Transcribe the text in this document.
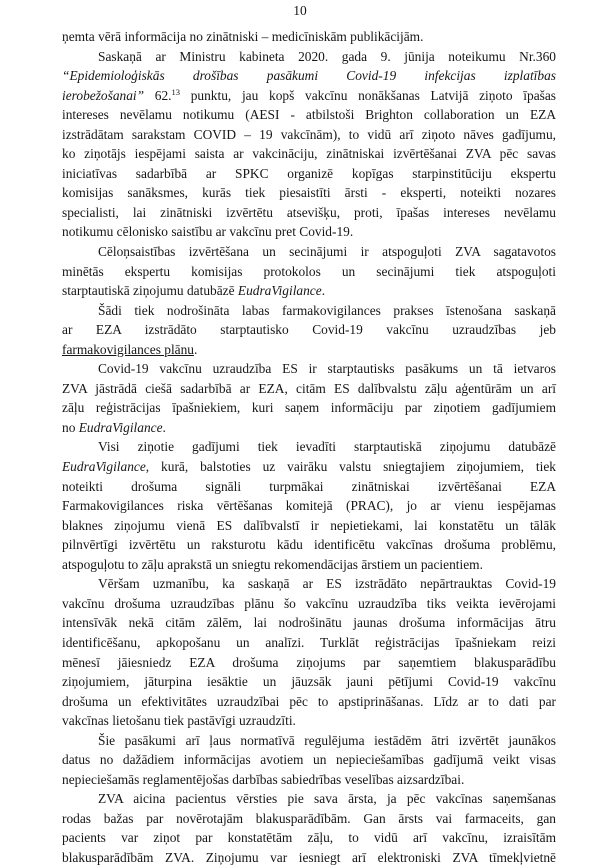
10
ņemta vērā informācija no zinātniski – medicīniskām publikācijām.
Saskaņā ar Ministru kabineta 2020. gada 9. jūnija noteikumu Nr.360
“Epidemioloģiskās drošības pasākumi Covid-19 infekcijas izplatības
ierobežošanai” 62.13 punktu, jau kopš vakcīnu nonākšanas Latvijā ziņoto īpašas
intereses nevēlamu notikumu (AESI - atbilstoši Brighton collaboration un EZA
izstrādātam sarakstam COVID – 19 vakcīnām), to vidū arī ziņoto nāves gadījumu,
ko ziņotājs iespējami saista ar vakcināciju, zinātniskai izvērtēšanai ZVA pēc savas
iniciatīvas sadarbībā ar SPKC organizē kopīgas starpinstitūciju ekspertu
komisijas sanāksmes, kurās tiek piesaistīti ārsti - eksperti, noteikti nozares
specialisti, lai zinātniski izvērtētu atsevišķu, proti, īpašas intereses nevēlamu
notikumu cēlonisko saistību ar vakcīnu pret Covid-19.
Cēloņsaistības izvērtēšana un secinājumi ir atspoguļoti ZVA sagatavotos
minētās ekspertu komisijas protokolos un secinājumi tiek atspoguļoti
starptautiskā ziņojumu datubāzē EudraVigilance.
Šādi tiek nodrošināta labas farmakovigilances prakses īstenošana saskaņā
ar EZA izstrādāto starptautisko Covid-19 vakcīnu uzraudzības jeb
farmakovigilances plānu.
Covid-19 vakcīnu uzraudzība ES ir starptautisks pasākums un tā ietvaros
ZVA jāstrādā ciešā sadarbībā ar EZA, citām ES dalībvalstu zāļu aģentūrām un arī
zāļu reģistrācijas īpašniekiem, kuri saņem informāciju par ziņotiem gadījumiem
no EudraVigilance.
Visi ziņotie gadījumi tiek ievadīti starptautiskā ziņojumu datubāzē
EudraVigilance, kurā, balstoties uz vairāku valstu sniegtajiem ziņojumiem, tiek
noteikti drošuma signāli turpmākai zinātniskai izvērtēšanai EZA
Farmakovigilances riska vērtēšanas komitejā (PRAC), jo ar vienu iespējamas
blaknes ziņojumu vienā ES dalībvalstī ir nepietiekami, lai konstatētu un tālāk
pilnvērtīgi izvērtētu un raksturotu kādu identificētu vakcīnas drošuma problēmu,
atspoguļotu to zāļu aprakstā un sniegtu rekomendācijas ārstiem un pacientiem.
Vēršam uzmanību, ka saskaņā ar ES izstrādāto nepārtrauktas Covid-19
vakcīnu drošuma uzraudzības plānu šo vakcīnu uzraudzība tiks veikta ievērojami
intensīvāk nekā citām zālēm, lai nodrošinātu jaunas drošuma informācijas ātru
identificēšanu, apkopošanu un analīzi. Turklāt reģistrācijas īpašniekam reizi
mēnesī jāiesniedz EZA drošuma ziņojums par saņemtiem blakusparādību
ziņojumiem, jāturpina iesāktie un jāuzsāk jauni pētījumi Covid-19 vakcīnu
drošuma un efektivitātes uzraudzībai pēc to apstiprināšanas. Līdz ar to dati par
vakcīnas lietošanu tiek pastāvīgi uzraudzīti.
Šie pasākumi arī ļaus normatīvā regulējuma iestādēm ātri izvērtēt jaunākos
datus no dažādiem informācijas avotiem un nepieciešamības gadījumā veikt visas
nepieciešamās reglamentējošas darbības sabiedrības veselības aizsardzībai.
ZVA aicina pacientus vērsties pie sava ārsta, ja pēc vakcīnas saņemšanas
rodas bažas par novērotajām blakusparādībām. Gan ārsts vai farmaceits, gan
pacients var ziņot par konstatētām zāļu, to vidū arī vakcīnu, izraisītām
blakusparādībām ZVA. Ziņojumu var iesniegt arī elektroniski ZVA tīmekļvietnē
